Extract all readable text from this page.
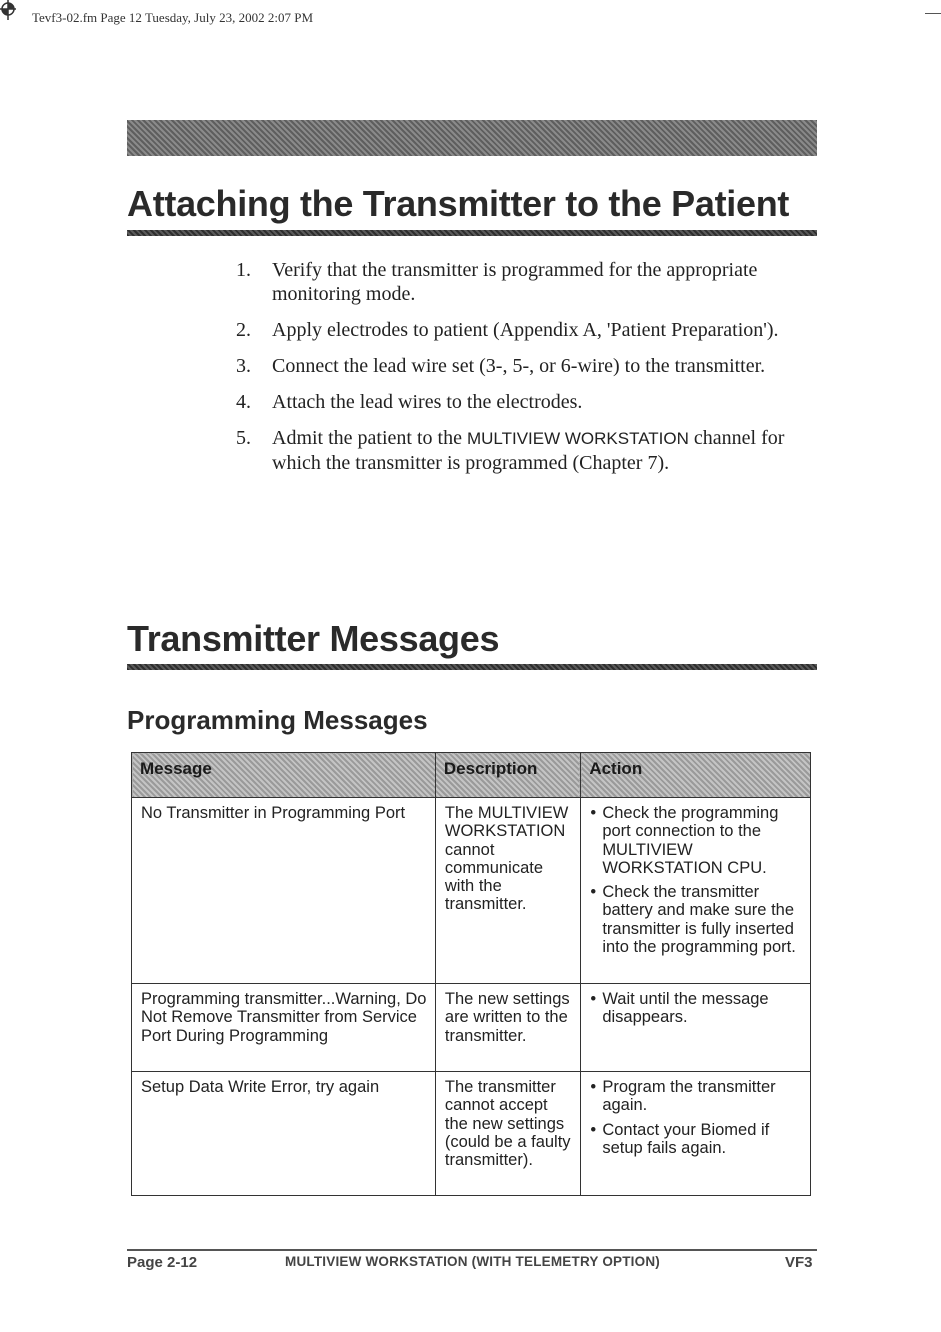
Tevf3-02.fm Page 12 Tuesday, July 23, 2002 2:07 PM
Attaching the Transmitter to the Patient
1.	Verify that the transmitter is programmed for the appropriate monitoring mode.
2.	Apply electrodes to patient (Appendix A, 'Patient Preparation').
3.	Connect the lead wire set (3-, 5-, or 6-wire) to the transmitter.
4.	Attach the lead wires to the electrodes.
5.	Admit the patient to the MULTIVIEW WORKSTATION channel for which the transmitter is programmed (Chapter 7).
Transmitter Messages
Programming Messages
Message	Description	Action
No Transmitter in Programming Port	The MULTIVIEW WORKSTATION cannot communicate with the transmitter.	• Check the programming port connection to the MULTIVIEW WORKSTATION CPU.
• Check the transmitter battery and make sure the transmitter is fully inserted into the programming port.

Programming transmitter...Warning, Do Not Remove Transmitter from Service Port During Programming	The new settings are written to the transmitter.	• Wait until the message disappears.

Setup Data Write Error, try again	The transmitter cannot accept the new settings (could be a faulty transmitter).	• Program the transmitter again.
• Contact your Biomed if setup fails again.
Page 2-12	MULTIVIEW WORKSTATION (WITH TELEMETRY OPTION)	VF3
